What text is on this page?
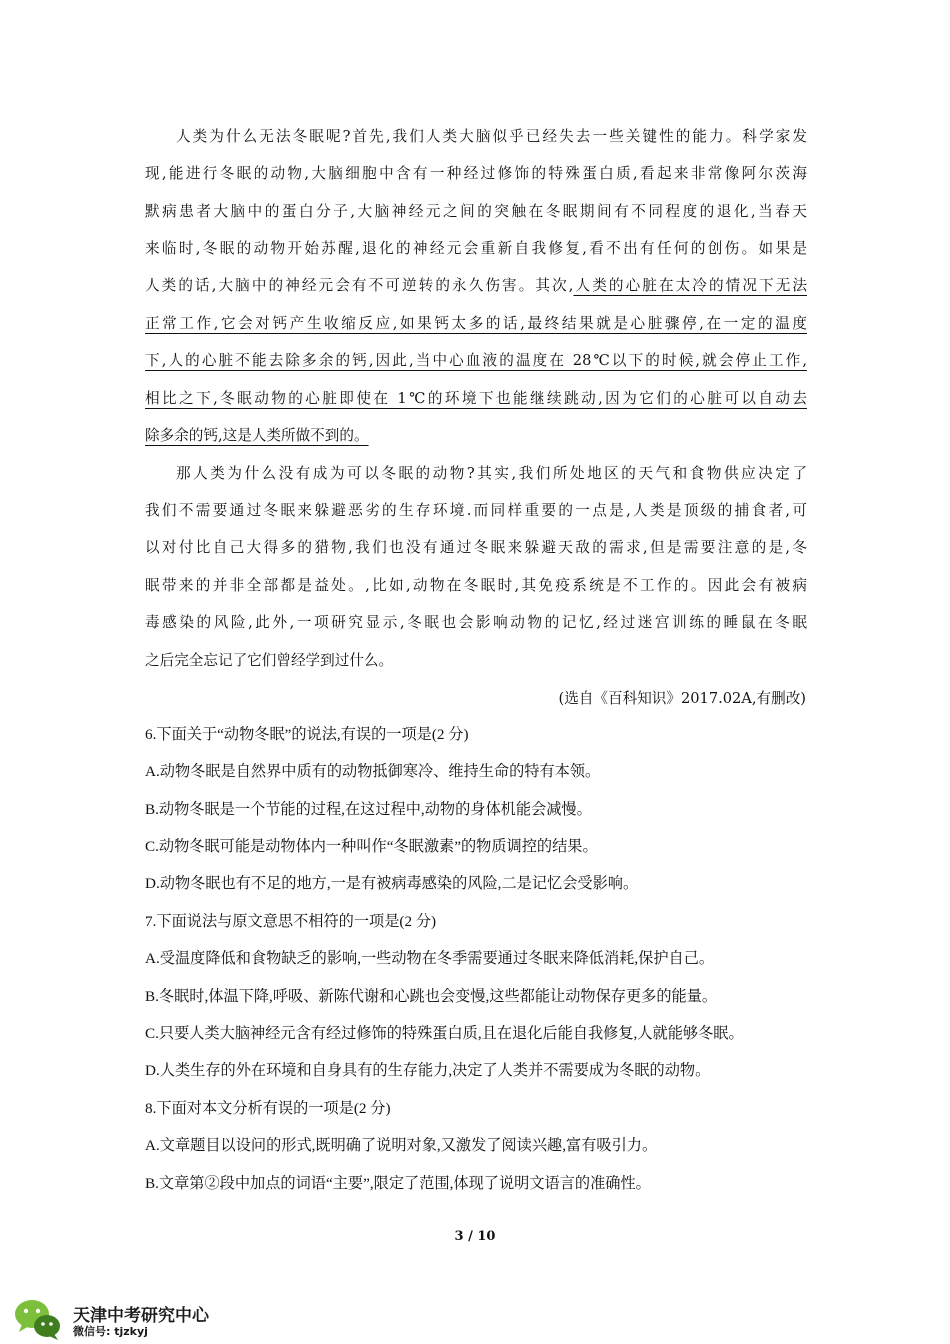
人类为什么无法冬眠呢?首先,我们人类大脑似乎已经失去一些关键性的能力。科学家发
现,能进行冬眠的动物,大脑细胞中含有一种经过修饰的特殊蛋白质,看起来非常像阿尔茨海
默病患者大脑中的蛋白分子,大脑神经元之间的突触在冬眠期间有不同程度的退化,当春天
来临时,冬眠的动物开始苏醒,退化的神经元会重新自我修复,看不出有任何的创伤。如果是
人类的话,大脑中的神经元会有不可逆转的永久伤害。其次,人类的心脏在太冷的情况下无法
正常工作,它会对钙产生收缩反应,如果钙太多的话,最终结果就是心脏骤停,在一定的温度
下,人的心脏不能去除多余的钙,因此,当中心血液的温度在 28℃以下的时候,就会停止工作,
相比之下,冬眠动物的心脏即使在 1℃的环境下也能继续跳动,因为它们的心脏可以自动去
除多余的钙,这是人类所做不到的。
那人类为什么没有成为可以冬眠的动物?其实,我们所处地区的天气和食物供应决定了
我们不需要通过冬眠来躲避恶劣的生存环境.而同样重要的一点是,人类是顶级的捕食者,可
以对付比自己大得多的猎物,我们也没有通过冬眠来躲避天敌的需求,但是需要注意的是,冬
眠带来的并非全部都是益处。,比如,动物在冬眠时,其免疫系统是不工作的。因此会有被病
毒感染的风险,此外,一项研究显示,冬眠也会影响动物的记忆,经过迷宫训练的睡鼠在冬眠
之后完全忘记了它们曾经学到过什么。
(选自《百科知识》2017.02A,有删改)
6.下面关于“动物冬眠”的说法,有误的一项是(2 分)
A.动物冬眠是自然界中质有的动物抵御寒冷、维持生命的特有本领。
B.动物冬眠是一个节能的过程,在这过程中,动物的身体机能会减慢。
C.动物冬眠可能是动物体内一种叫作“冬眠激素”的物质调控的结果。
D.动物冬眠也有不足的地方,一是有被病毒感染的风险,二是记忆会受影响。
7.下面说法与原文意思不相符的一项是(2 分)
A.受温度降低和食物缺乏的影响,一些动物在冬季需要通过冬眠来降低消耗,保护自己。
B.冬眠时,体温下降,呼吸、新陈代谢和心跳也会变慢,这些都能让动物保存更多的能量。
C.只要人类大脑神经元含有经过修饰的特殊蛋白质,且在退化后能自我修复,人就能够冬眠。
D.人类生存的外在环境和自身具有的生存能力,决定了人类并不需要成为冬眠的动物。
8.下面对本文分析有误的一项是(2 分)
A.文章题目以设问的形式,既明确了说明对象,又激发了阅读兴趣,富有吸引力。
B.文章第②段中加点的词语“主要”,限定了范围,体现了说明文语言的准确性。
3 / 10
天津中考研究中心
微信号: tjzkyj
